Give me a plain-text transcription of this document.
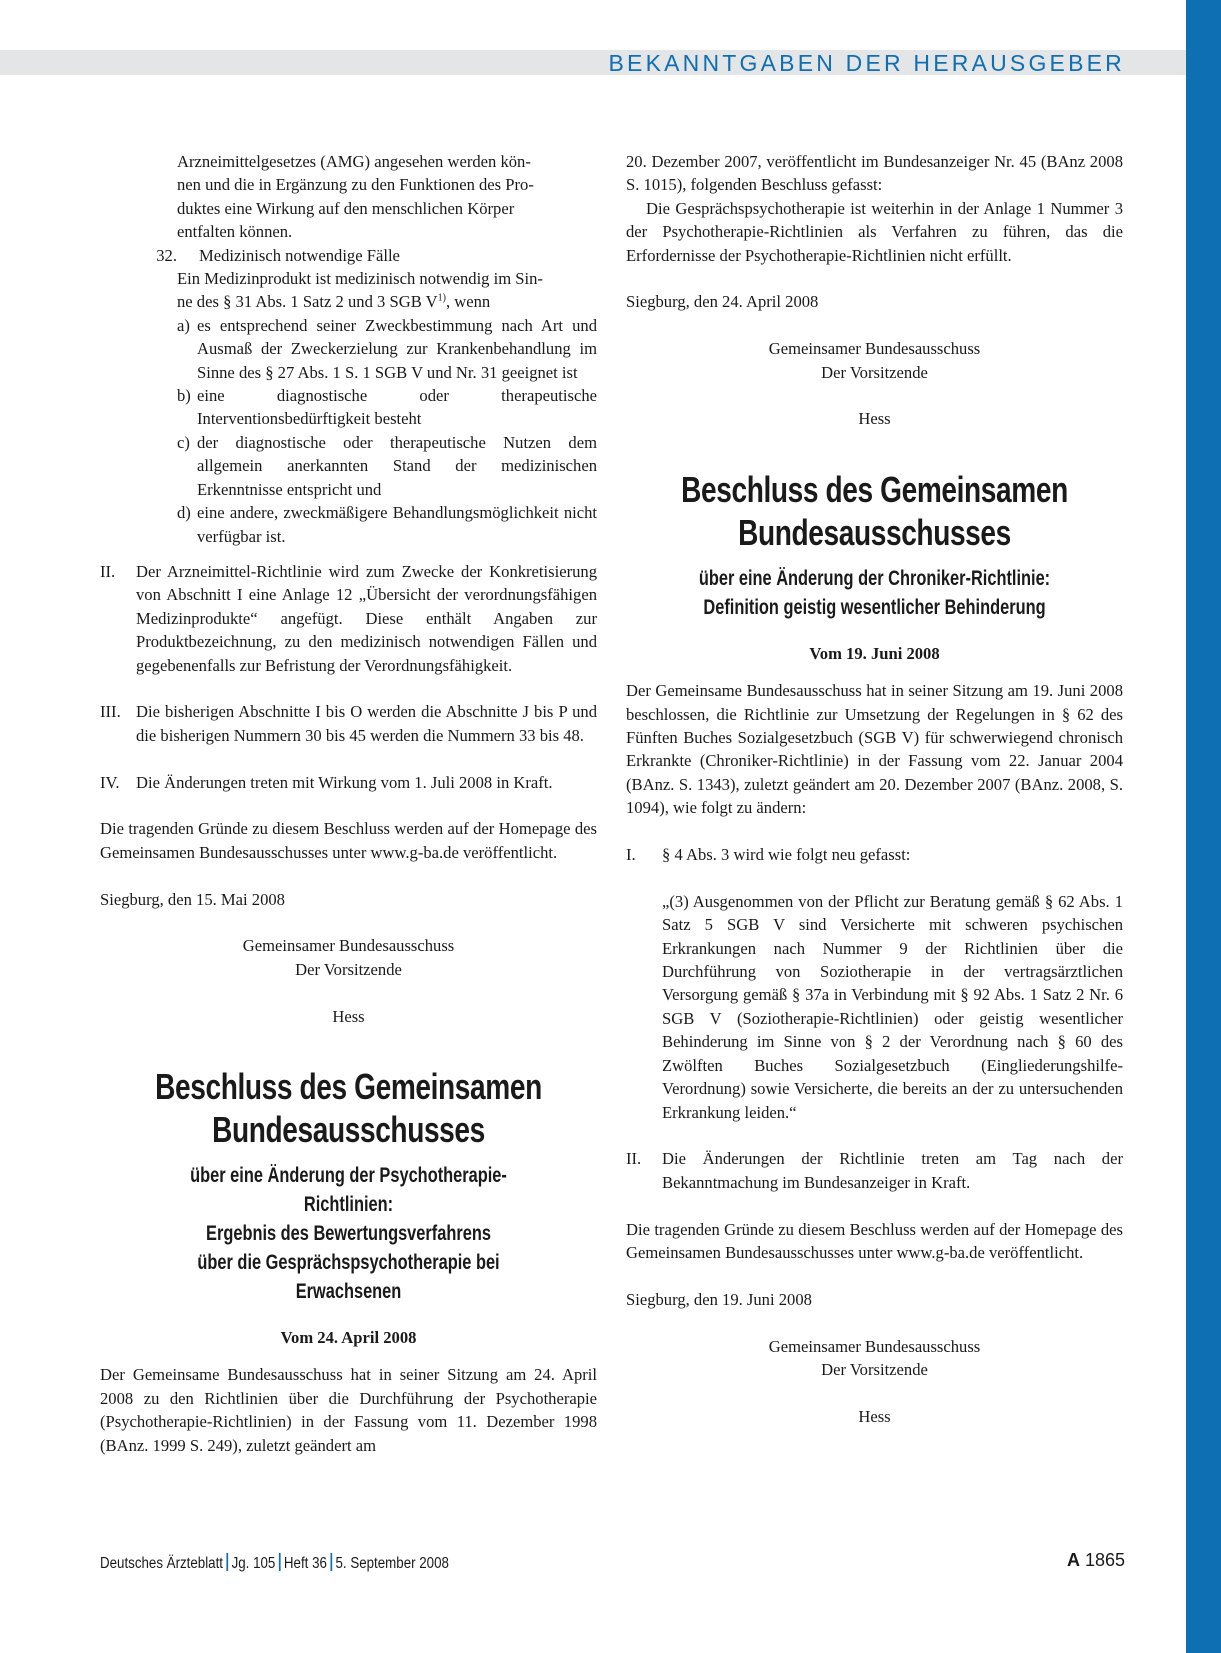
BEKANNTGABEN DER HERAUSGEBER

Arzneimittelgesetzes (AMG) angesehen werden kön-

nen und die in Ergänzung zu den Funktionen des Pro-

duktes eine Wirkung auf den menschlichen Körper

entfalten können.

32.	Medizinisch notwendige Fälle

Ein Medizinprodukt ist medizinisch notwendig im Sin-

ne des § 31 Abs. 1 Satz 2 und 3 SGB $V^{1)}$, wenn

a) es entsprechend seiner Zweckbestimmung nach Art und Ausmaß der Zweckerzielung zur Krankenbehandlung im Sinne des § 27 Abs. 1 S. 1 SGB V und Nr. 31 geeignet ist
b) eine diagnostische oder therapeutische Interventionsbedürftigkeit besteht
c) der diagnostische oder therapeutische Nutzen dem allgemein anerkannten Stand der medizinischen Erkenntnisse entspricht und
d) eine andere, zweckmäßigere Behandlungsmöglichkeit nicht verfügbar ist.
II.	Der Arzneimittel-Richtlinie wird zum Zwecke der Konkretisierung von Abschnitt I eine Anlage 12 „Übersicht der verordnungsfähigen Medizinprodukte“ angefügt. Diese enthält Angaben zur Produktbezeichnung, zu den medizinisch notwendigen Fällen und gegebenenfalls zur Befristung der Verordnungsfähigkeit.
III. Die bisherigen Abschnitte I bis O werden die Abschnitte J bis P und die bisherigen Nummern 30 bis 45 werden die Nummern 33 bis 48.
IV. Die Änderungen treten mit Wirkung vom 1. Juli 2008 in Kraft.

Die tragenden Gründe zu diesem Beschluss werden auf der Homepage des Gemeinsamen Bundesausschusses unter www.g-ba.de veröffentlicht.

Siegburg, den 15. Mai 2008

Gemeinsamer Bundesausschuss

Der Vorsitzende

Hess

Beschluss des Gemeinsamen
Bundesausschusses
über eine Änderung der Psychotherapie-Richtlinien:
Ergebnis des Bewertungsverfahrens
über die Gesprächspsychotherapie bei Erwachsenen

Vom 24. April 2008

Der Gemeinsame Bundesausschuss hat in seiner Sitzung am 24. April 2008 zu den Richtlinien über die Durchführung der Psychotherapie (Psychotherapie-Richtlinien) in der Fassung vom 11. Dezember 1998 (BAnz. 1999 S. 249), zuletzt geändert am

20. Dezember 2007, veröffentlicht im Bundesanzeiger Nr. 45 (BAnz 2008 S. 1015), folgenden Beschluss gefasst:

Die Gesprächspsychotherapie ist weiterhin in der Anlage 1 Nummer 3 der Psychotherapie-Richtlinien als Verfahren zu führen, das die Erfordernisse der Psychotherapie-Richtlinien nicht erfüllt.

Siegburg, den 24. April 2008

Gemeinsamer Bundesausschuss

Der Vorsitzende

Hess

Beschluss des Gemeinsamen
Bundesausschusses
über eine Änderung der Chroniker-Richtlinie:
Definition geistig wesentlicher Behinderung

Vom 19. Juni 2008

Der Gemeinsame Bundesausschuss hat in seiner Sitzung am 19. Juni 2008 beschlossen, die Richtlinie zur Umsetzung der Regelungen in § 62 des Fünften Buches Sozialgesetzbuch (SGB V) für schwerwiegend chronisch Erkrankte (Chroniker-Richtlinie) in der Fassung vom 22. Januar 2004 (BAnz. S. 1343), zuletzt geändert am 20. Dezember 2007 (BAnz. 2008, S. 1094), wie folgt zu ändern:

I.	§ 4 Abs. 3 wird wie folgt neu gefasst:

„(3) Ausgenommen von der Pflicht zur Beratung gemäß § 62 Abs. 1 Satz 5 SGB V sind Versicherte mit schweren psychischen Erkrankungen nach Nummer 9 der Richtlinien über die Durchführung von Soziotherapie in der vertragsärztlichen Versorgung gemäß § 37a in Verbindung mit § 92 Abs. 1 Satz 2 Nr. 6 SGB V (Soziotherapie-Richtlinien) oder geistig wesentlicher Behinderung im Sinne von § 2 der Verordnung nach § 60 des Zwölften Buches Sozialgesetzbuch (Eingliederungshilfe-Verordnung) sowie Versicherte, die bereits an der zu untersuchenden Erkrankung leiden.“

II.	Die Änderungen der Richtlinie treten am Tag nach der Bekanntmachung im Bundesanzeiger in Kraft.

Die tragenden Gründe zu diesem Beschluss werden auf der Homepage des Gemeinsamen Bundesausschusses unter www.g-ba.de veröffentlicht.

Siegburg, den 19. Juni 2008

Gemeinsamer Bundesausschuss

Der Vorsitzende

Hess

Deutsches Ärzteblatt Jg. 105 Heft 36 5. September 2008	A 1865
